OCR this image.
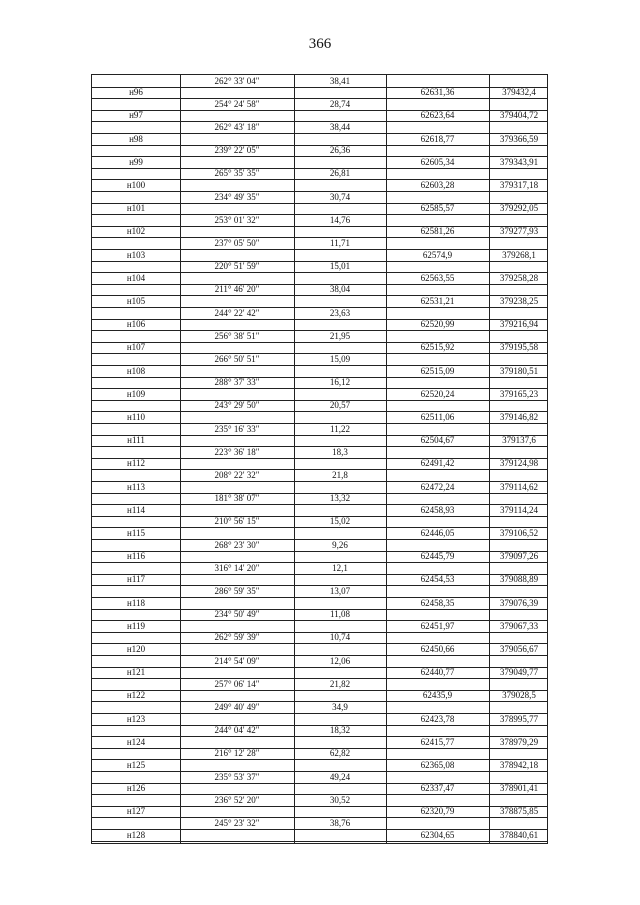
366
262° 33' 04"	38,41
н96	62631,36	379432,4
254° 24' 58"	28,74
н97	62623,64	379404,72
262° 43' 18"	38,44
н98	62618,77	379366,59
239° 22' 05"	26,36
н99	62605,34	379343,91
265° 35' 35"	26,81
н100	62603,28	379317,18
234° 49' 35"	30,74
н101	62585,57	379292,05
253° 01' 32"	14,76
н102	62581,26	379277,93
237° 05' 50"	11,71
н103	62574,9	379268,1
220° 51' 59"	15,01
н104	62563,55	379258,28
211° 46' 20"	38,04
н105	62531,21	379238,25
244° 22' 42"	23,63
н106	62520,99	379216,94
256° 38' 51"	21,95
н107	62515,92	379195,58
266° 50' 51"	15,09
н108	62515,09	379180,51
288° 37' 33"	16,12
н109	62520,24	379165,23
243° 29' 50"	20,57
н110	62511,06	379146,82
235° 16' 33"	11,22
н111	62504,67	379137,6
223° 36' 18"	18,3
н112	62491,42	379124,98
208° 22' 32"	21,8
н113	62472,24	379114,62
181° 38' 07"	13,32
н114	62458,93	379114,24
210° 56' 15"	15,02
н115	62446,05	379106,52
268° 23' 30"	9,26
н116	62445,79	379097,26
316° 14' 20"	12,1
н117	62454,53	379088,89
286° 59' 35"	13,07
н118	62458,35	379076,39
234° 50' 49"	11,08
н119	62451,97	379067,33
262° 59' 39"	10,74
н120	62450,66	379056,67
214° 54' 09"	12,06
н121	62440,77	379049,77
257° 06' 14"	21,82
н122	62435,9	379028,5
249° 40' 49"	34,9
н123	62423,78	378995,77
244° 04' 42"	18,32
н124	62415,77	378979,29
216° 12' 28"	62,82
н125	62365,08	378942,18
235° 53' 37"	49,24
н126	62337,47	378901,41
236° 52' 20"	30,52
н127	62320,79	378875,85
245° 23' 32"	38,76
н128	62304,65	378840,61
